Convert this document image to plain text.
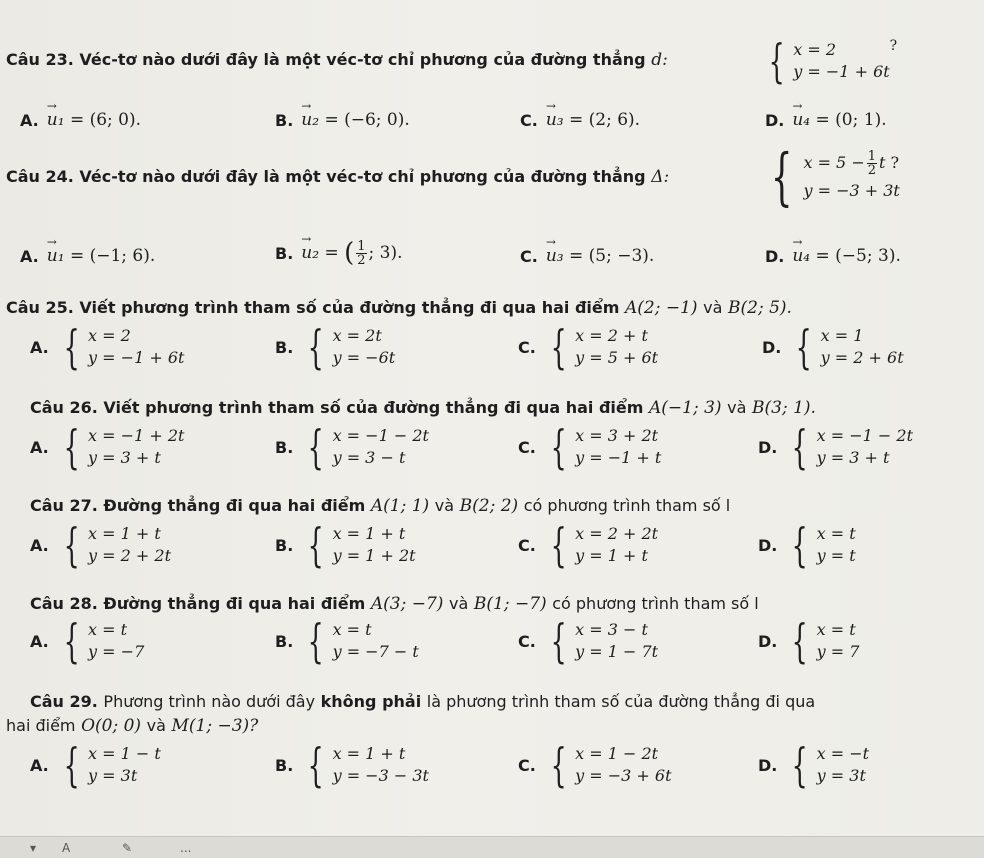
Câu 23. Véc-tơ nào dưới đây là một véc-tơ chỉ phương của đường thẳng d: { x = 2
y = −1 + 6t
?
A. u₁
→

= (6; 0).	B. u₂
→

= (−6; 0).	C. u₃
→

= (2; 6).	D. u₄
→

= (0; 1).
Câu 24. Véc-tơ nào dưới đây là một véc-tơ chỉ phương của đường thẳng Δ: { $x = 5 - \frac{1}{2}$ t ?
y = −3 + 3t
A. u₁
→

= (−1; 6).	B. u₂
→

=
( $\frac{1}{2}$ ; 3).	C. u₃
→

= (5; −3).	D. u₄
→

= (−5; 3).
Câu 25. Viết phương trình tham số của đường thẳng đi qua hai điểm A(2; −1) và B(2; 5).
A. { x = 2
y = −1 + 6t
B. { x = 2t
y = −6t
C. { x = 2 + t
y = 5 + 6t
D. { x = 1
y = 2 + 6t
Câu 26. Viết phương trình tham số của đường thẳng đi qua hai điểm A(−1; 3) và B(3; 1).
A. { x = −1 + 2t
y = 3 + t
B. { x = −1 − 2t
y = 3 − t
C. { x = 3 + 2t
y = −1 + t
D. { x = −1 − 2t
y = 3 + t
Câu 27. Đường thẳng đi qua hai điểm A(1; 1) và B(2; 2) có phương trình tham số l
A. { x = 1 + t
y = 2 + 2t
B. { x = 1 + t
y = 1 + 2t
C. { x = 2 + 2t
y = 1 + t
D. { x = t
y = t
Câu 28. Đường thẳng đi qua hai điểm A(3; −7) và B(1; −7) có phương trình tham số l
A. { x = t
y = −7
B. { x = t
y = −7 − t
C. { x = 3 − t
y = 1 − 7t
D. { x = t
y = 7
Câu 29. Phương trình nào dưới đây không phải là phương trình tham số của đường thẳng đi qua
hai điểm O(0; 0) và M(1; −3)?
A. { x = 1 − t
y = 3t
B. { x = 1 + t
y = −3 − 3t
C. { x = 1 − 2t
y = −3 + 6t
D. { x = −t
y = 3t
▾ A	✎	...
